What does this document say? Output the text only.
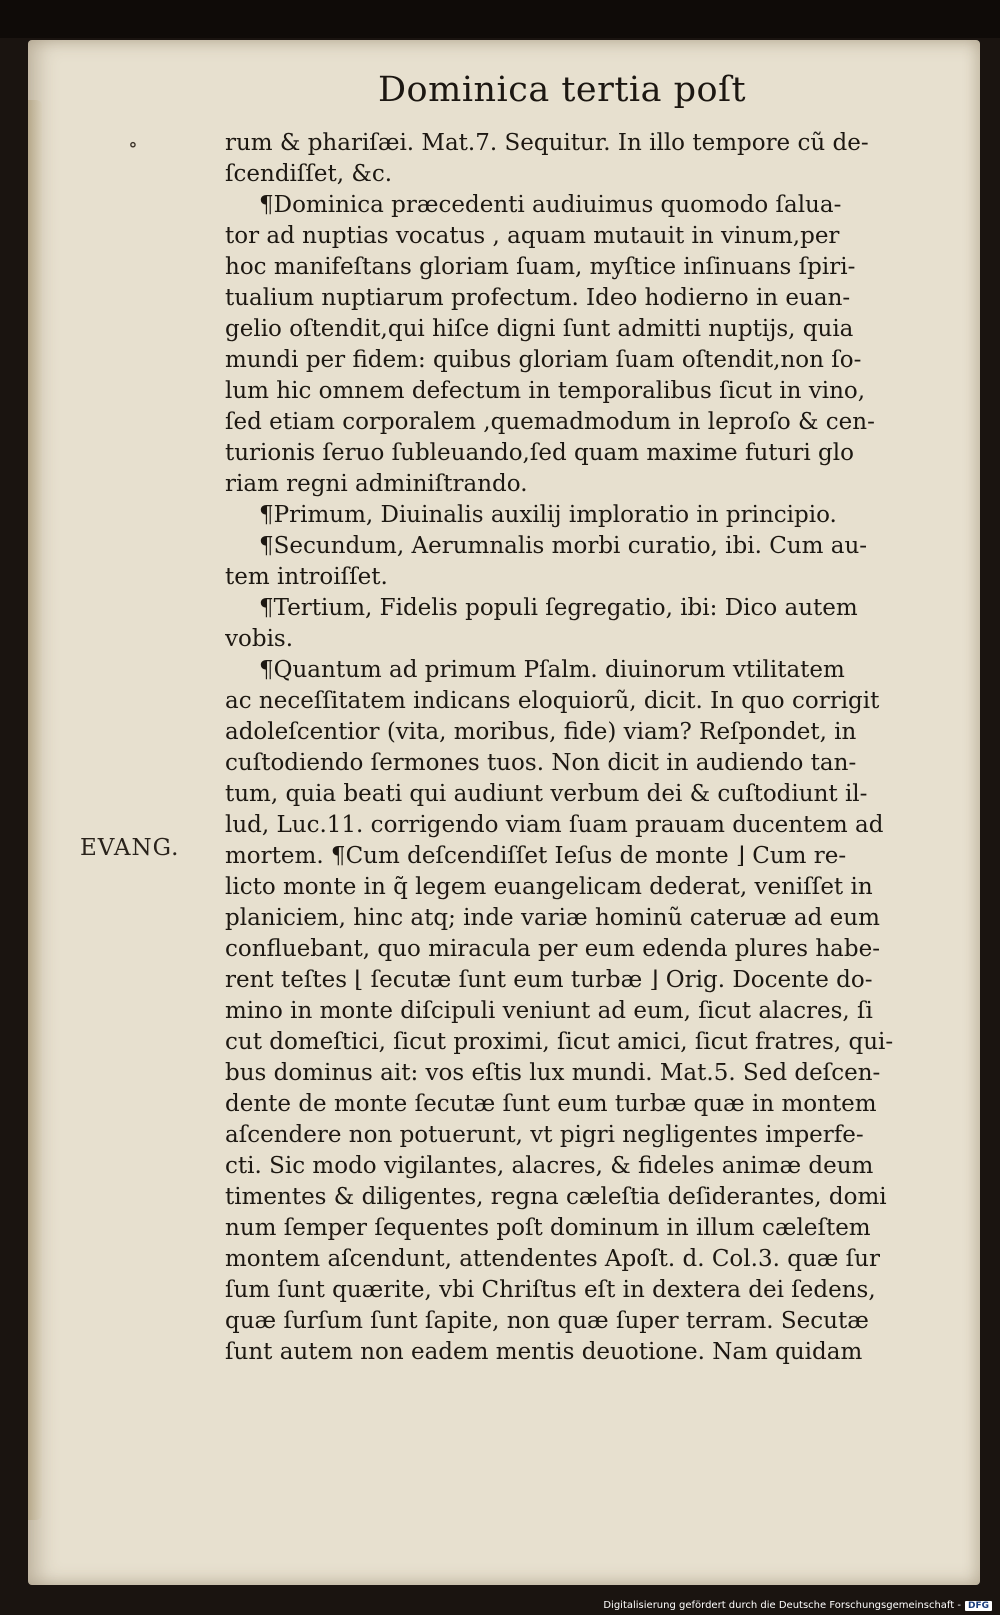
Dominica tertia poſt
∘
EVANG.
rum & phariſæi. Mat.7. Sequitur. In illo tempore cũ de-
ſcendiſſet, &c.
¶Dominica præcedenti audiuimus quomodo ſalua-
tor ad nuptias vocatus , aquam mutauit in vinum,per
hoc manifeſtans gloriam ſuam, myſtice inſinuans ſpiri-
tualium nuptiarum profectum. Ideo hodierno in euan-
gelio oſtendit,qui hiſce digni ſunt admitti nuptijs, quia
mundi per fidem: quibus gloriam ſuam oſtendit,non ſo-
lum hic omnem defectum in temporalibus ſicut in vino,
ſed etiam corporalem ,quemadmodum in leproſo & cen-
turionis ſeruo ſubleuando,ſed quam maxime futuri glo
riam regni adminiſtrando.
¶Primum, Diuinalis auxilij imploratio in principio.
¶Secundum, Aerumnalis morbi curatio, ibi. Cum au-
tem introiſſet.
¶Tertium, Fidelis populi ſegregatio, ibi: Dico autem
vobis.
¶Quantum ad primum Pſalm. diuinorum vtilitatem
ac neceſſitatem indicans eloquiorũ, dicit. In quo corrigit
adoleſcentior (vita, moribus, fide) viam? Reſpondet, in
cuſtodiendo ſermones tuos. Non dicit in audiendo tan-
tum, quia beati qui audiunt verbum dei & cuſtodiunt il-
lud, Luc.11. corrigendo viam ſuam prauam ducentem ad
mortem. ¶Cum deſcendiſſet Ieſus de monte ⌋ Cum re-
licto monte in q̃ legem euangelicam dederat, veniſſet in
planiciem, hinc atq; inde variæ hominũ cateruæ ad eum
confluebant, quo miracula per eum edenda plures habe-
rent teſtes ⌊ ſecutæ ſunt eum turbæ ⌋ Orig. Docente do-
mino in monte diſcipuli veniunt ad eum, ſicut alacres, ſi
cut domeſtici, ſicut proximi, ſicut amici, ſicut fratres, qui-
bus dominus ait: vos eſtis lux mundi. Mat.5. Sed deſcen-
dente de monte ſecutæ ſunt eum turbæ quæ in montem
aſcendere non potuerunt, vt pigri negligentes imperfe-
cti. Sic modo vigilantes, alacres, & fideles animæ deum
timentes & diligentes, regna cæleſtia deſiderantes, domi
num ſemper ſequentes poſt dominum in illum cæleſtem
montem aſcendunt, attendentes Apoſt. d. Col.3. quæ ſur
ſum ſunt quærite, vbi Chriſtus eſt in dextera dei ſedens,
quæ ſurſum ſunt ſapite, non quæ ſuper terram. Secutæ
ſunt autem non eadem mentis deuotione. Nam quidam
Digitalisierung gefördert durch die Deutsche Forschungsgemeinschaft - DFG
